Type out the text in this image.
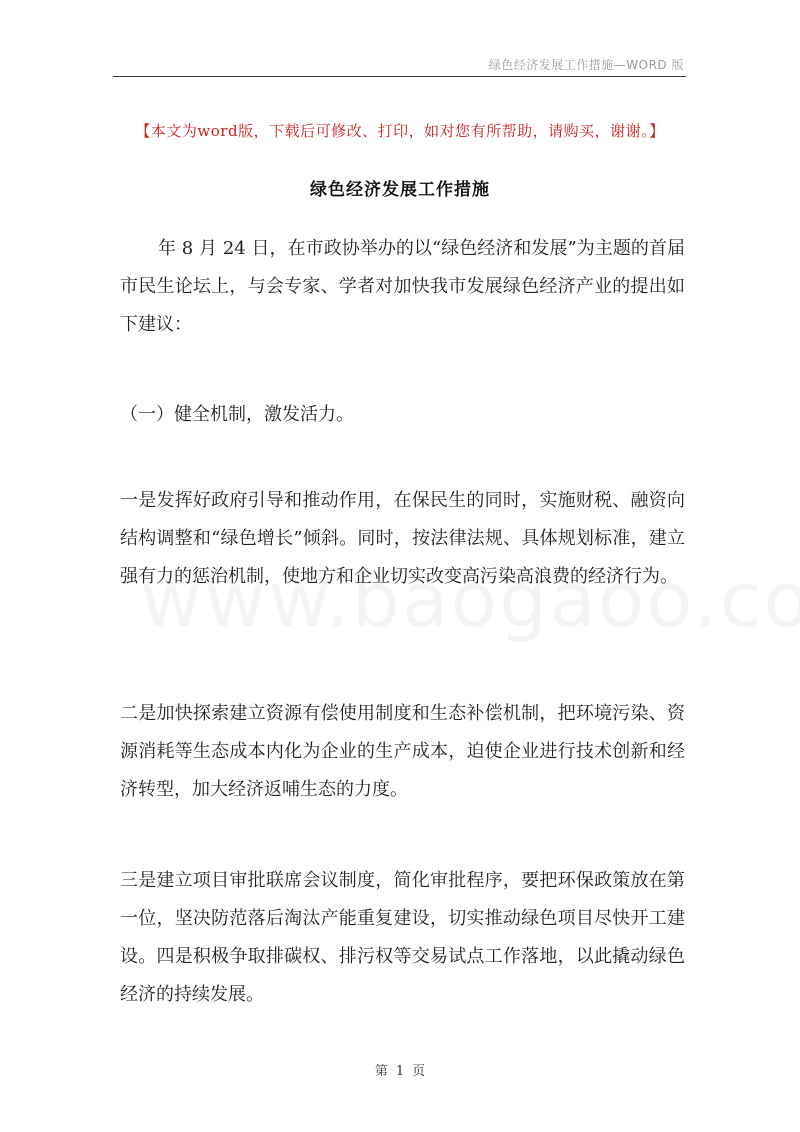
绿色经济发展工作措施—WORD 版
【本文为word版，下载后可修改、打印，如对您有所帮助，请购买，谢谢。】
绿色经济发展工作措施

年 8 月 24 日，在市政协举办的以“绿色经济和发展”为主题的首届市民生论坛上，与会专家、学者对加快我市发展绿色经济产业的提出如下建议：

（一）健全机制，激发活力。

一是发挥好政府引导和推动作用，在保民生的同时，实施财税、融资向结构调整和“绿色增长”倾斜。同时，按法律法规、具体规划标准，建立强有力的惩治机制，使地方和企业切实改变高污染高浪费的经济行为。

二是加快探索建立资源有偿使用制度和生态补偿机制，把环境污染、资源消耗等生态成本内化为企业的生产成本，迫使企业进行技术创新和经济转型，加大经济返哺生态的力度。

三是建立项目审批联席会议制度，简化审批程序，要把环保政策放在第一位，坚决防范落后淘汰产能重复建设，切实推动绿色项目尽快开工建设。四是积极争取排碳权、排污权等交易试点工作落地，以此撬动绿色经济的持续发展。

第 1 页
